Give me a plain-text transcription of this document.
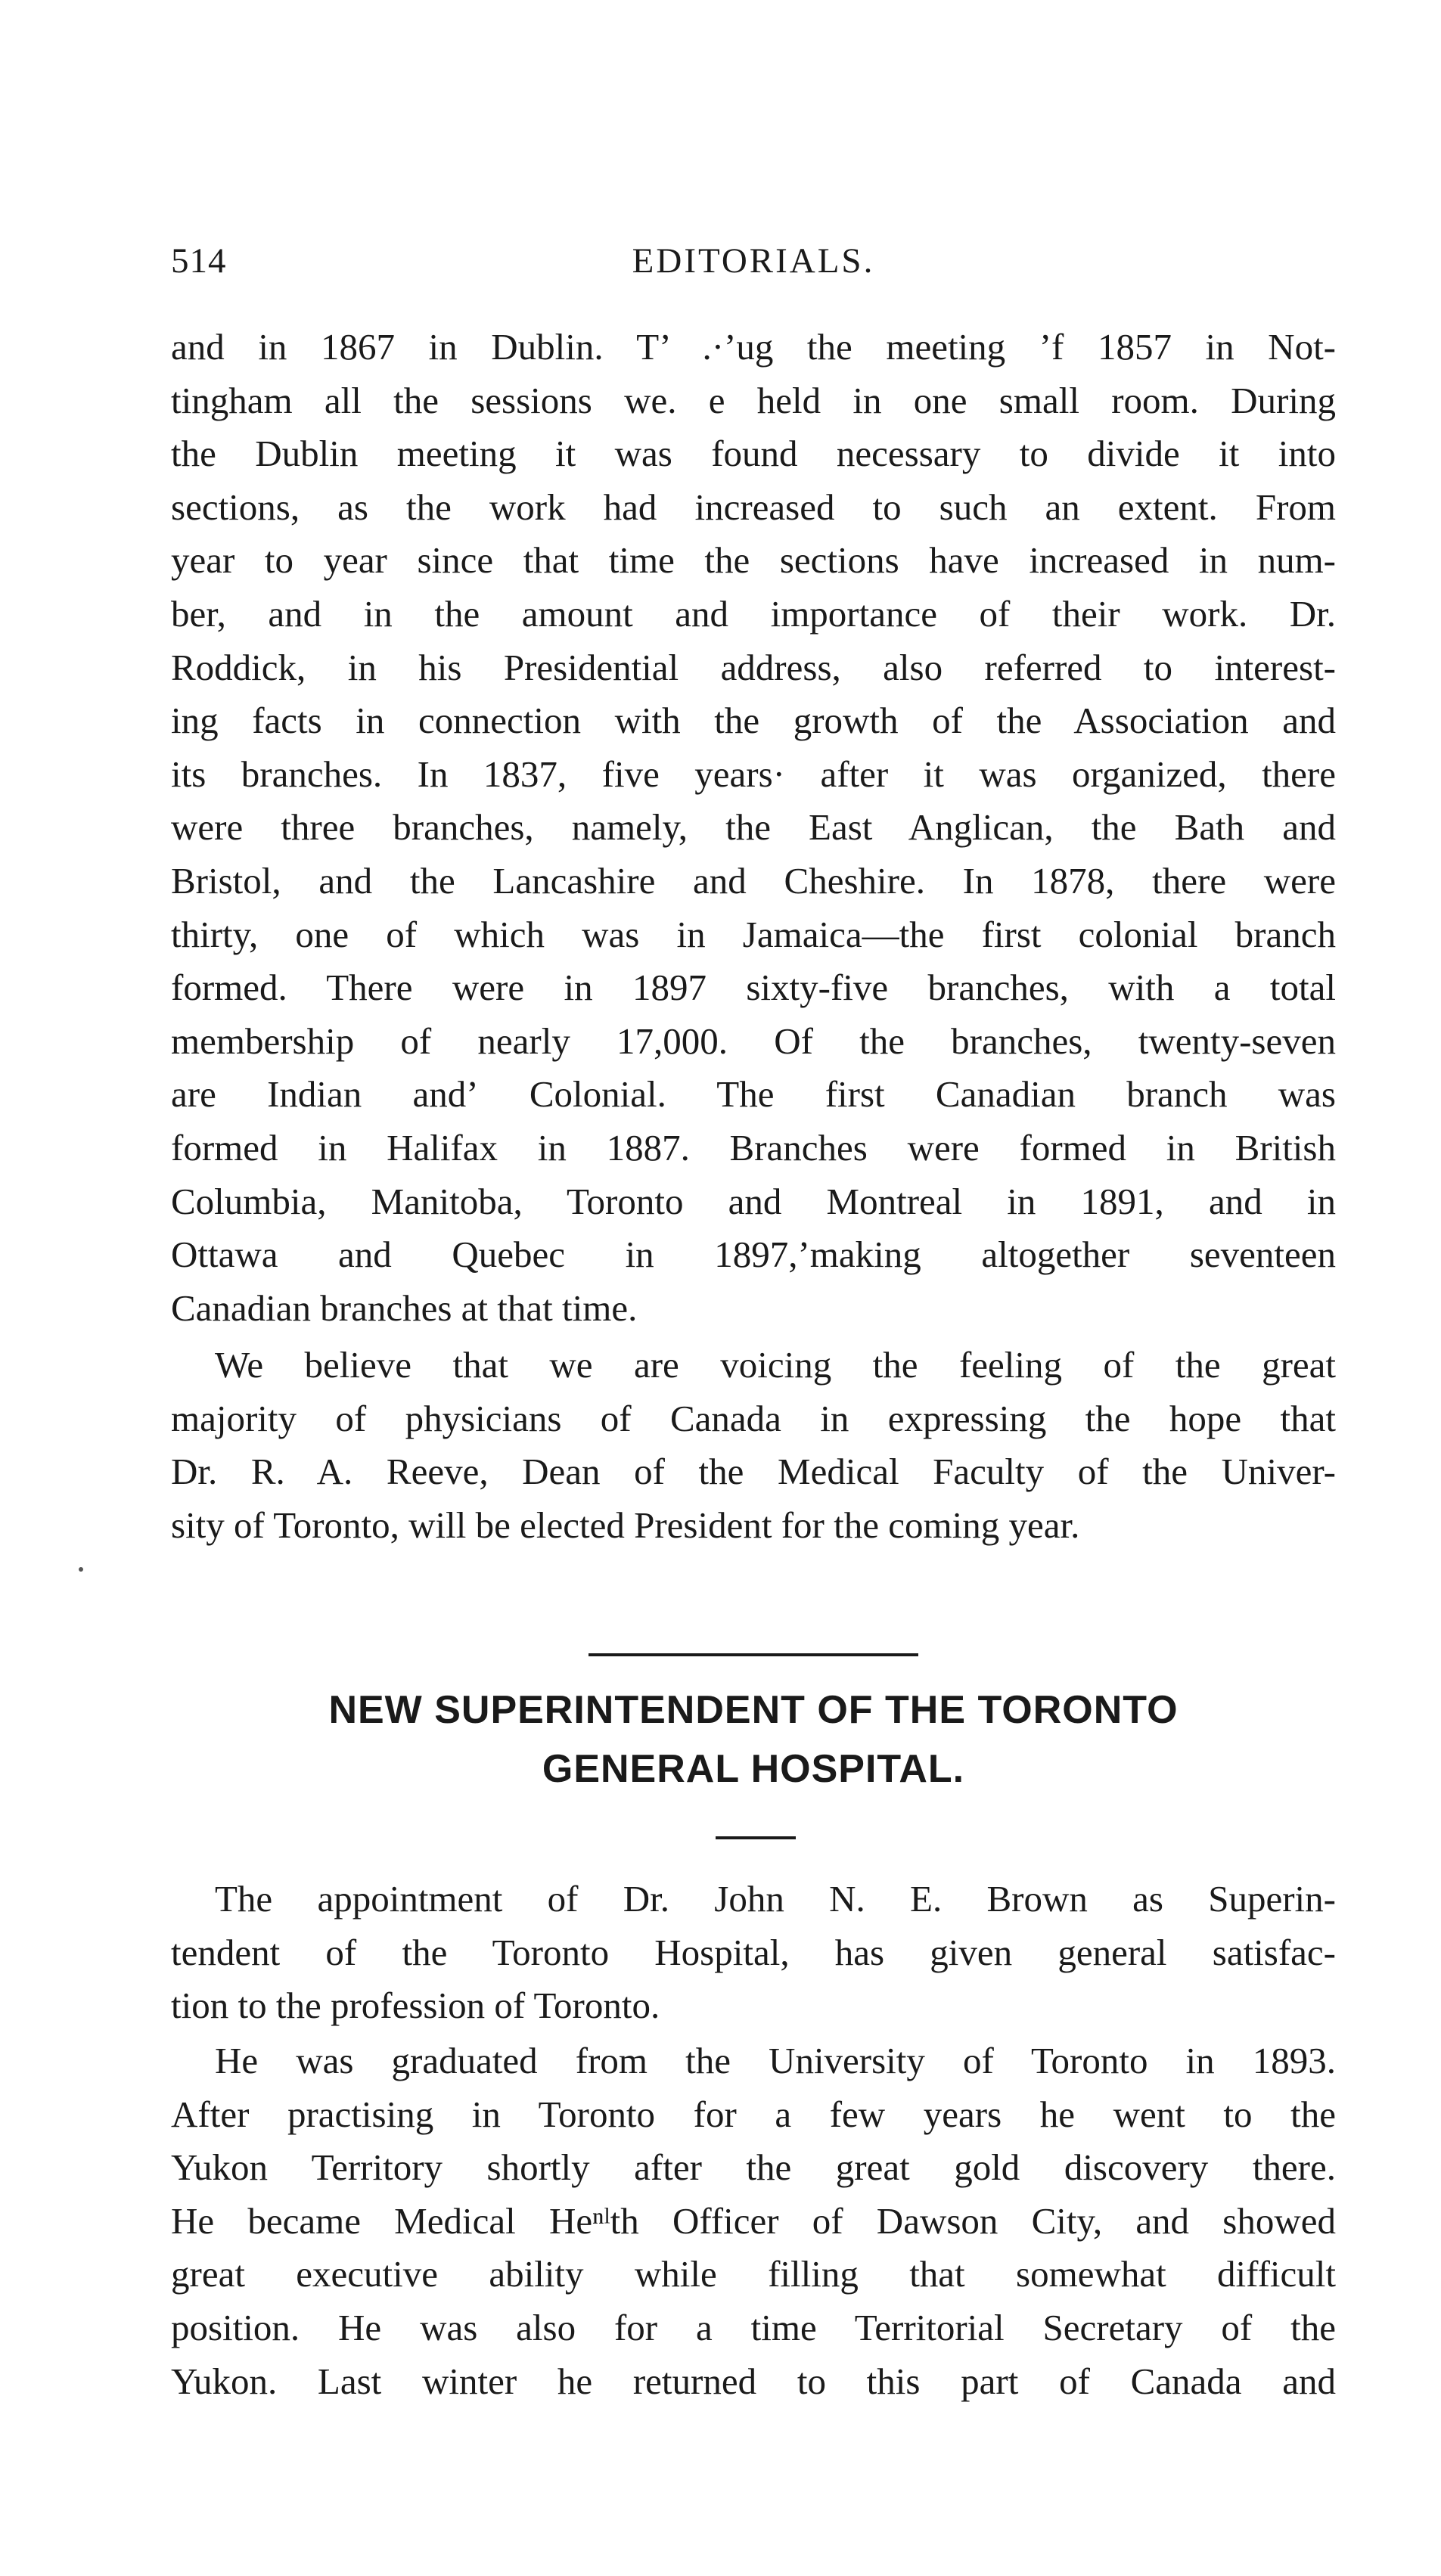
514	EDITORIALS.
and in 1867 in Dublin. T’ .·’ug the meeting ’f 1857 in Not-
tingham all the sessions we. e held in one small room. During
the Dublin meeting it was found necessary to divide it into
sections, as the work had increased to such an extent. From
year to year since that time the sections have increased in num-
ber, and in the amount and importance of their work. Dr.
Roddick, in his Presidential address, also referred to interest-
ing facts in connection with the growth of the Association and
its branches. In 1837, five years· after it was organized, there
were three branches, namely, the East Anglican, the Bath and
Bristol, and the Lancashire and Cheshire. In 1878, there were
thirty, one of which was in Jamaica—the first colonial branch
formed. There were in 1897 sixty-five branches, with a total
membership of nearly 17,000. Of the branches, twenty-seven
are Indian andʼ Colonial. The first Canadian branch was
formed in Halifax in 1887. Branches were formed in British
Columbia, Manitoba, Toronto and Montreal in 1891, and in
Ottawa and Quebec in 1897,ʼmaking altogether seventeen
Canadian branches at that time.
We believe that we are voicing the feeling of the great
majority of physicians of Canada in expressing the hope that
Dr. R. A. Reeve, Dean of the Medical Faculty of the Univer-
sity of Toronto, will be elected President for the coming year.
NEW SUPERINTENDENT OF THE TORONTO
GENERAL HOSPITAL.
The appointment of Dr. John N. E. Brown as Superin-
tendent of the Toronto Hospital, has given general satisfac-
tion to the profession of Toronto.
He was graduated from the University of Toronto in 1893.
After practising in Toronto for a few years he went to the
Yukon Territory shortly after the great gold discovery there.
He became Medical Heⁿˡth Officer of Dawson City, and showed
great executive ability while filling that somewhat difficult
position. He was also for a time Territorial Secretary of the
Yukon. Last winter he returned to this part of Canada and
